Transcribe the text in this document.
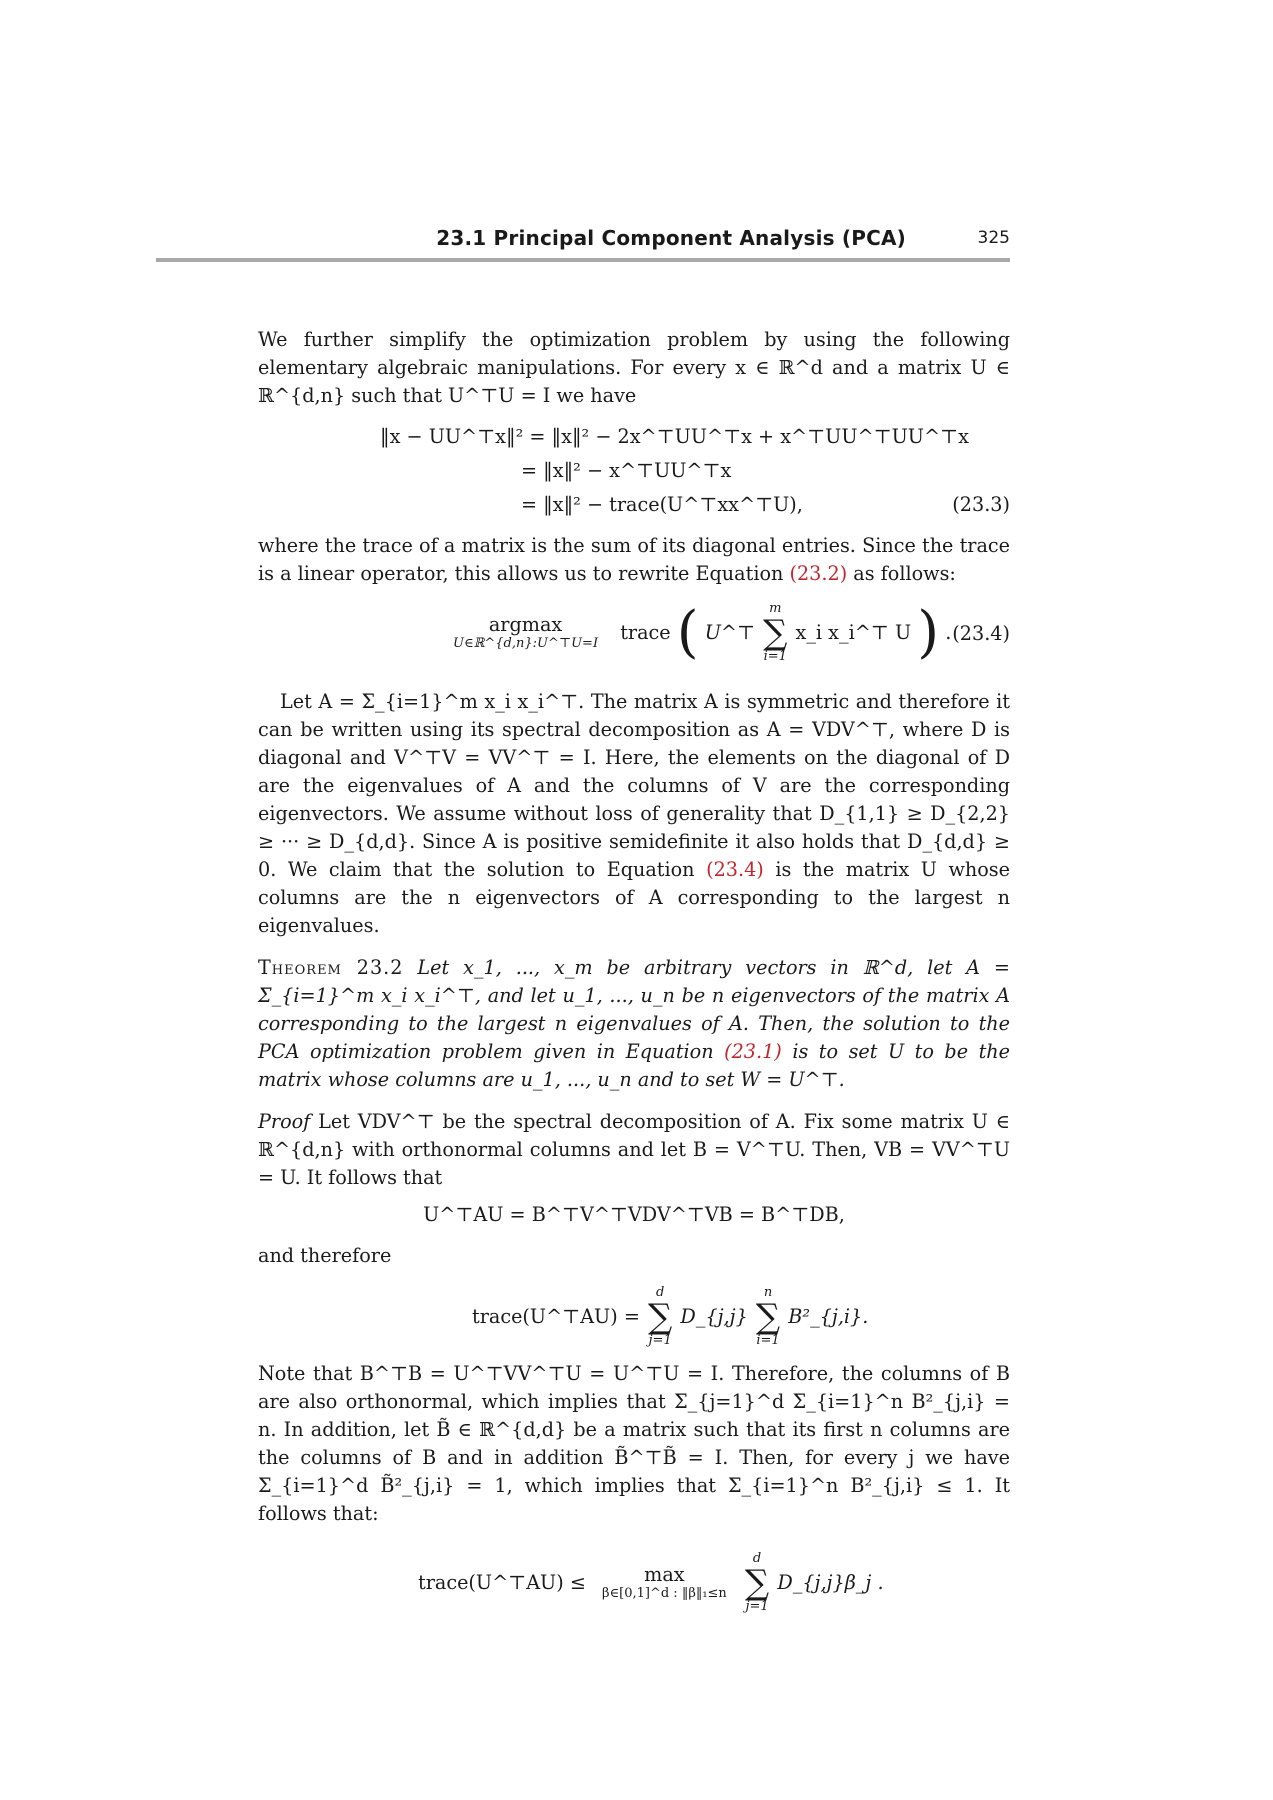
23.1 Principal Component Analysis (PCA)	325

We further simplify the optimization problem by using the following elementary algebraic manipulations. For every x ∈ ℝ^d and a matrix U ∈ ℝ^{d,n} such that U^⊤U = I we have

‖x − UU^⊤x‖² = ‖x‖² − 2x^⊤UU^⊤x + x^⊤UU^⊤UU^⊤x
= ‖x‖² − x^⊤UU^⊤x
= ‖x‖² − trace(U^⊤xx^⊤U),	(23.3)

where the trace of a matrix is the sum of its diagonal entries. Since the trace is a linear operator, this allows us to rewrite Equation (23.2) as follows:

argmax
U∈ℝ^{d,n}:U^⊤U=I trace ( U^⊤
m
∑
i=1
x_i x_i^⊤ U ) . (23.4)

Let A = Σ_{i=1}^m x_i x_i^⊤. The matrix A is symmetric and therefore it can be written using its spectral decomposition as A = VDV^⊤, where D is diagonal and V^⊤V = VV^⊤ = I. Here, the elements on the diagonal of D are the eigenvalues of A and the columns of V are the corresponding eigenvectors. We assume without loss of generality that D_{1,1} ≥ D_{2,2} ≥ ··· ≥ D_{d,d}. Since A is positive semidefinite it also holds that D_{d,d} ≥ 0. We claim that the solution to Equation (23.4) is the matrix U whose columns are the n eigenvectors of A corresponding to the largest n eigenvalues.

Theorem 23.2 Let x_1, ..., x_m be arbitrary vectors in ℝ^d, let A = Σ_{i=1}^m x_i x_i^⊤, and let u_1, ..., u_n be n eigenvectors of the matrix A corresponding to the largest n eigenvalues of A. Then, the solution to the PCA optimization problem given in Equation (23.1) is to set U to be the matrix whose columns are u_1, ..., u_n and to set W = U^⊤.

Proof Let VDV^⊤ be the spectral decomposition of A. Fix some matrix U ∈ ℝ^{d,n} with orthonormal columns and let B = V^⊤U. Then, VB = VV^⊤U = U. It follows that

U^⊤AU = B^⊤V^⊤VDV^⊤VB = B^⊤DB,

and therefore

trace(U^⊤AU) =
d
∑
j=1
D_{j,j}
n
∑
i=1
B²_{j,i}.

Note that B^⊤B = U^⊤VV^⊤U = U^⊤U = I. Therefore, the columns of B are also orthonormal, which implies that Σ_{j=1}^d Σ_{i=1}^n B²_{j,i} = n. In addition, let B̃ ∈ ℝ^{d,d} be a matrix such that its first n columns are the columns of B and in addition B̃^⊤B̃ = I. Then, for every j we have Σ_{i=1}^d B̃²_{j,i} = 1, which implies that Σ_{i=1}^n B²_{j,i} ≤ 1. It follows that:

trace(U^⊤AU) ≤	max
β∈[0,1]^d : ‖β‖₁≤n

d
∑
j=1
D_{j,j}β_j .
